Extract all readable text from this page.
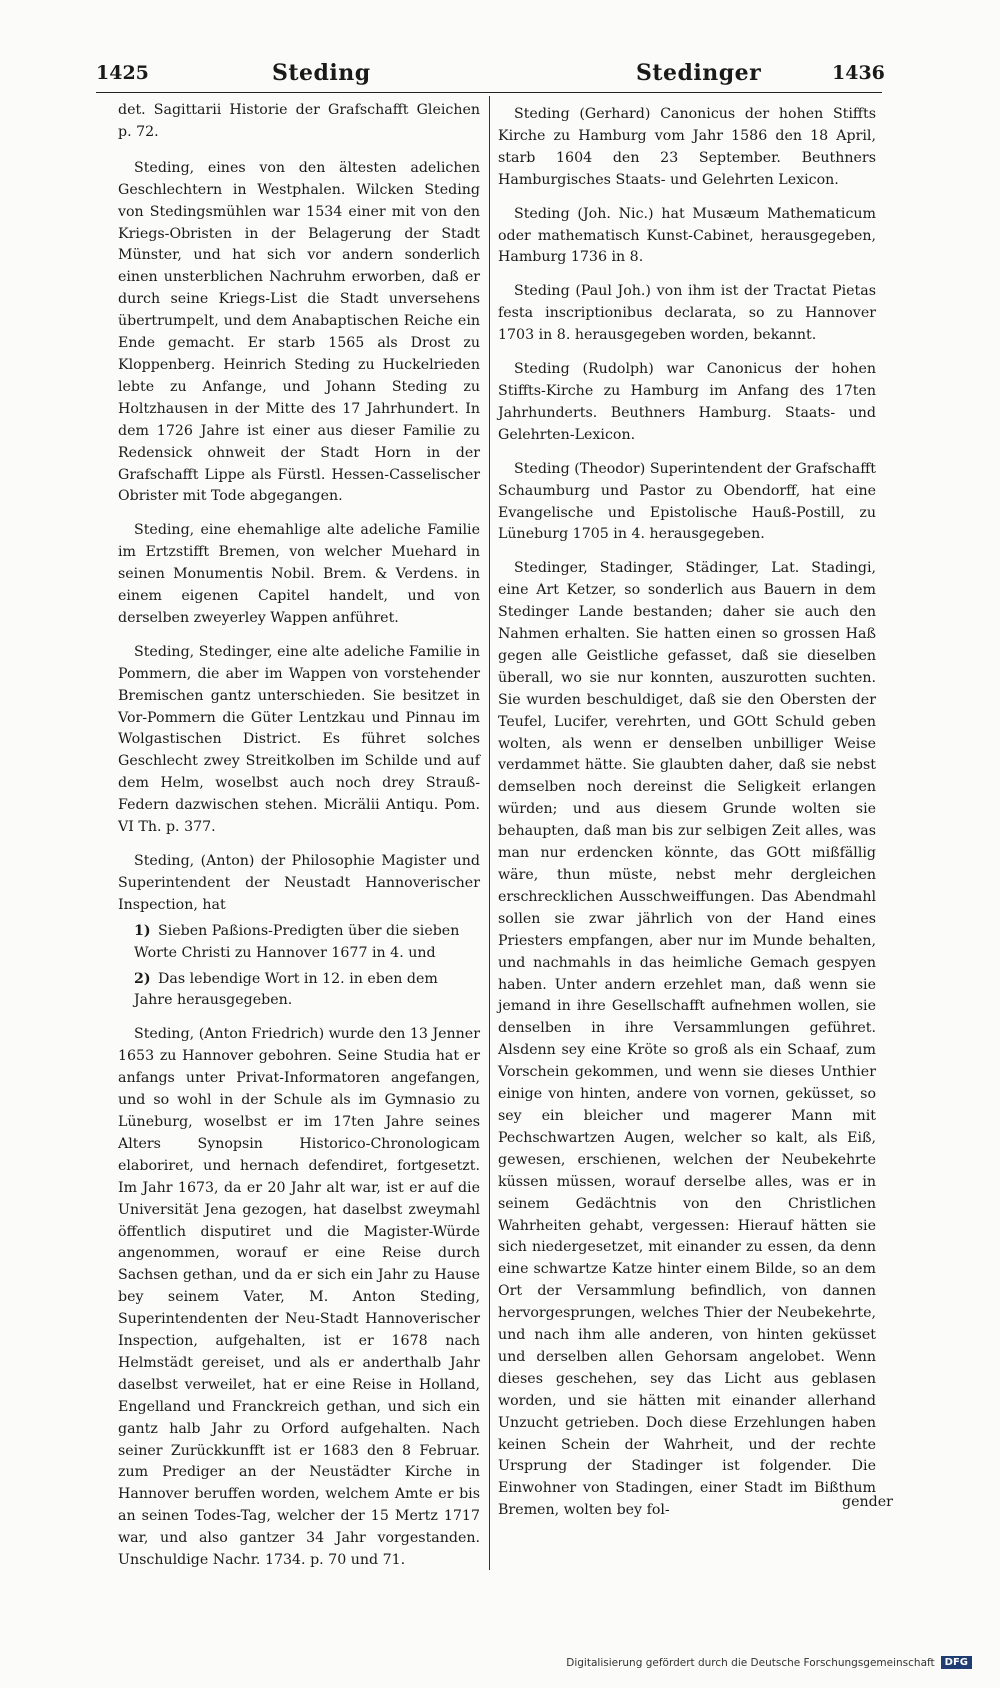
1425	Steding	Stedinger	1436

det. Sagittarii Historie der Grafschafft Gleichen p. 72.

Steding, eines von den ältesten adelichen Geschlechtern in Westphalen. Wilcken Steding von Stedingsmühlen war 1534 einer mit von den Kriegs-Obristen in der Belagerung der Stadt Münster, und hat sich vor andern sonderlich einen unsterblichen Nachruhm erworben, daß er durch seine Kriegs-List die Stadt unversehens übertrumpelt, und dem Anabaptischen Reiche ein Ende gemacht. Er starb 1565 als Drost zu Kloppenberg. Heinrich Steding zu Huckelrieden lebte zu Anfange, und Johann Steding zu Holtzhausen in der Mitte des 17 Jahrhundert. In dem 1726 Jahre ist einer aus dieser Familie zu Redensick ohnweit der Stadt Horn in der Grafschafft Lippe als Fürstl. Hessen-Casselischer Obrister mit Tode abgegangen.

Steding, eine ehemahlige alte adeliche Familie im Ertzstifft Bremen, von welcher Muehard in seinen Monumentis Nobil. Brem. & Verdens. in einem eigenen Capitel handelt, und von derselben zweyerley Wappen anführet.

Steding, Stedinger, eine alte adeliche Familie in Pommern, die aber im Wappen von vorstehender Bremischen gantz unterschieden. Sie besitzet in Vor-Pommern die Güter Lentzkau und Pinnau im Wolgastischen District. Es führet solches Geschlecht zwey Streitkolben im Schilde und auf dem Helm, woselbst auch noch drey Strauß-Federn dazwischen stehen. Micrälii Antiqu. Pom. VI Th. p. 377.

Steding, (Anton) der Philosophie Magister und Superintendent der Neustadt Hannoverischer Inspection, hat

1) Sieben Paßions-Predigten über die sieben Worte Christi zu Hannover 1677 in 4. und

2) Das lebendige Wort in 12. in eben dem Jahre herausgegeben.

Steding, (Anton Friedrich) wurde den 13 Jenner 1653 zu Hannover gebohren. Seine Studia hat er anfangs unter Privat-Informatoren angefangen, und so wohl in der Schule als im Gymnasio zu Lüneburg, woselbst er im 17ten Jahre seines Alters Synopsin Historico-Chronologicam elaboriret, und hernach defendiret, fortgesetzt. Im Jahr 1673, da er 20 Jahr alt war, ist er auf die Universität Jena gezogen, hat daselbst zweymahl öffentlich disputiret und die Magister-Würde angenommen, worauf er eine Reise durch Sachsen gethan, und da er sich ein Jahr zu Hause bey seinem Vater, M. Anton Steding, Superintendenten der Neu-Stadt Hannoverischer Inspection, aufgehalten, ist er 1678 nach Helmstädt gereiset, und als er anderthalb Jahr daselbst verweilet, hat er eine Reise in Holland, Engelland und Franckreich gethan, und sich ein gantz halb Jahr zu Orford aufgehalten. Nach seiner Zurückkunfft ist er 1683 den 8 Februar. zum Prediger an der Neustädter Kirche in Hannover beruffen worden, welchem Amte er bis an seinen Todes-Tag, welcher der 15 Mertz 1717 war, und also gantzer 34 Jahr vorgestanden. Unschuldige Nachr. 1734. p. 70 und 71.

Steding (Gerhard) Canonicus der hohen Stiffts Kirche zu Hamburg vom Jahr 1586 den 18 April, starb 1604 den 23 September. Beuthners Hamburgisches Staats- und Gelehrten Lexicon.

Steding (Joh. Nic.) hat Musæum Mathematicum oder mathematisch Kunst-Cabinet, herausgegeben, Hamburg 1736 in 8.

Steding (Paul Joh.) von ihm ist der Tractat Pietas festa inscriptionibus declarata, so zu Hannover 1703 in 8. herausgegeben worden, bekannt.

Steding (Rudolph) war Canonicus der hohen Stiffts-Kirche zu Hamburg im Anfang des 17ten Jahrhunderts. Beuthners Hamburg. Staats- und Gelehrten-Lexicon.

Steding (Theodor) Superintendent der Grafschafft Schaumburg und Pastor zu Obendorff, hat eine Evangelische und Epistolische Hauß-Postill, zu Lüneburg 1705 in 4. herausgegeben.

Stedinger, Stadinger, Städinger, Lat. Stadingi, eine Art Ketzer, so sonderlich aus Bauern in dem Stedinger Lande bestanden; daher sie auch den Nahmen erhalten. Sie hatten einen so grossen Haß gegen alle Geistliche gefasset, daß sie dieselben überall, wo sie nur konnten, auszurotten suchten. Sie wurden beschuldiget, daß sie den Obersten der Teufel, Lucifer, verehrten, und GOtt Schuld geben wolten, als wenn er denselben unbilliger Weise verdammet hätte. Sie glaubten daher, daß sie nebst demselben noch dereinst die Seligkeit erlangen würden; und aus diesem Grunde wolten sie behaupten, daß man bis zur selbigen Zeit alles, was man nur erdencken könnte, das GOtt mißfällig wäre, thun müste, nebst mehr dergleichen erschrecklichen Ausschweiffungen. Das Abendmahl sollen sie zwar jährlich von der Hand eines Priesters empfangen, aber nur im Munde behalten, und nachmahls in das heimliche Gemach gespyen haben. Unter andern erzehlet man, daß wenn sie jemand in ihre Gesellschafft aufnehmen wollen, sie denselben in ihre Versammlungen geführet. Alsdenn sey eine Kröte so groß als ein Schaaf, zum Vorschein gekommen, und wenn sie dieses Unthier einige von hinten, andere von vornen, geküsset, so sey ein bleicher und magerer Mann mit Pechschwartzen Augen, welcher so kalt, als Eiß, gewesen, erschienen, welchen der Neubekehrte küssen müssen, worauf derselbe alles, was er in seinem Gedächtnis von den Christlichen Wahrheiten gehabt, vergessen: Hierauf hätten sie sich niedergesetzet, mit einander zu essen, da denn eine schwartze Katze hinter einem Bilde, so an dem Ort der Versammlung befindlich, von dannen hervorgesprungen, welches Thier der Neubekehrte, und nach ihm alle anderen, von hinten geküsset und derselben allen Gehorsam angelobet. Wenn dieses geschehen, sey das Licht aus geblasen worden, und sie hätten mit einander allerhand Unzucht getrieben. Doch diese Erzehlungen haben keinen Schein der Wahrheit, und der rechte Ursprung der Stadinger ist folgender. Die Einwohner von Stadingen, einer Stadt im Bißthum Bremen, wolten bey fol-

gender
Digitalisierung gefördert durch die Deutsche Forschungsgemeinschaft	DFG
